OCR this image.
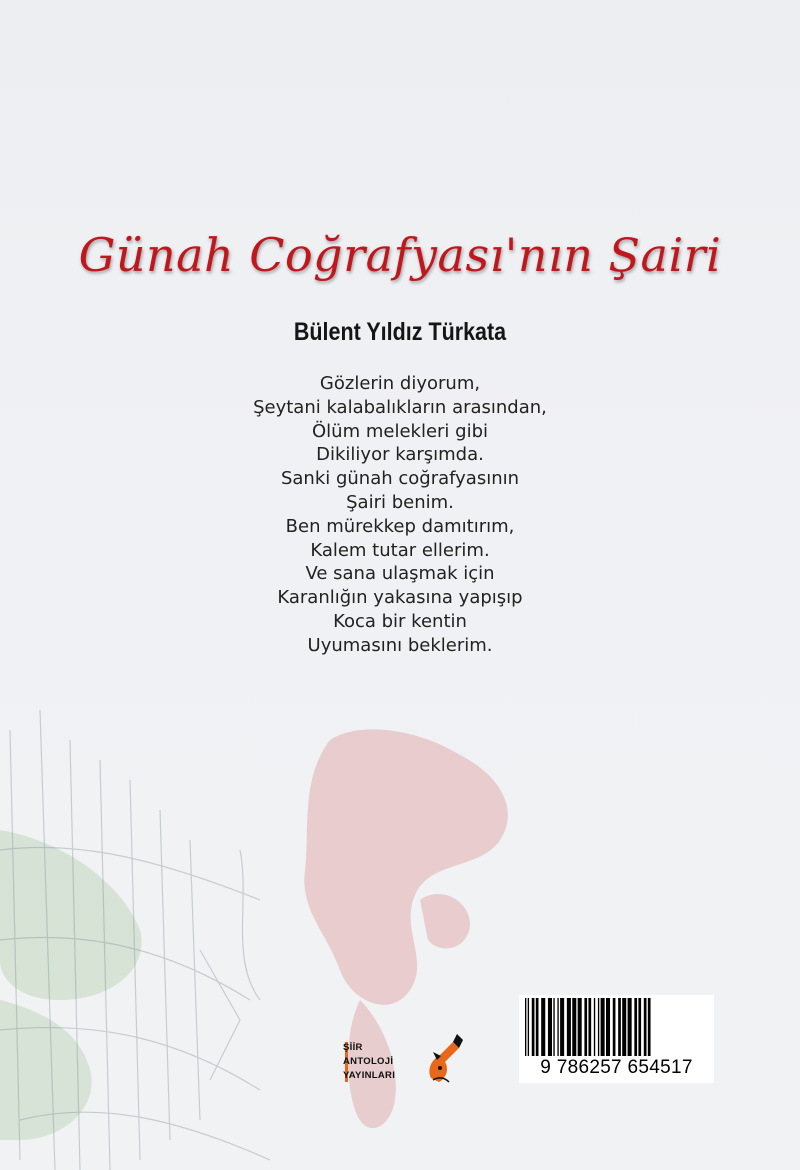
Günah Coğrafyası'nın Şairi
Bülent Yıldız Türkata
Gözlerin diyorum,
Şeytani kalabalıkların arasından,
Ölüm melekleri gibi
Dikiliyor karşımda.
Sanki günah coğrafyasının
Şairi benim.
Ben mürekkep damıtırım,
Kalem tutar ellerim.
Ve sana ulaşmak için
Karanlığın yakasına yapışıp
Koca bir kentin
Uyumasını beklerim.
ŞİİR
ANTOLOJİ
YAYINLARI	9 786257 654517
